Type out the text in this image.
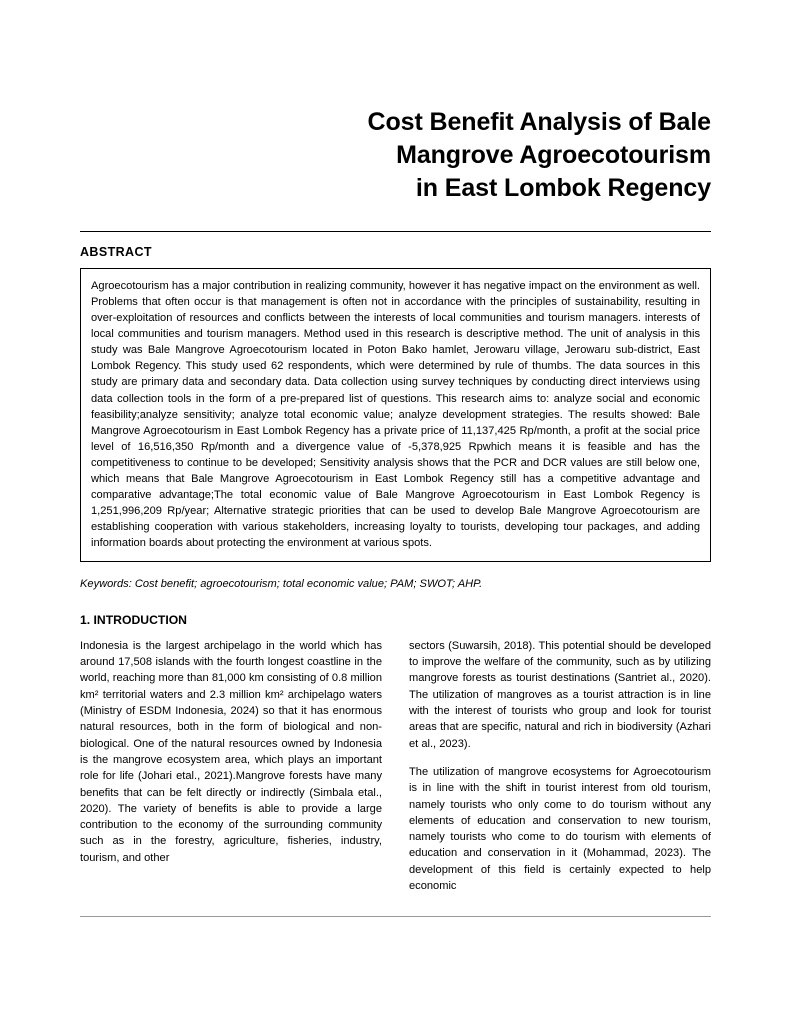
Cost Benefit Analysis of Bale
Mangrove Agroecotourism
in East Lombok Regency
ABSTRACT

Agroecotourism has a major contribution in realizing community, however it has negative impact on the environment as well. Problems that often occur is that management is often not in accordance with the principles of sustainability, resulting in over-exploitation of resources and conflicts between the interests of local communities and tourism managers. interests of local communities and tourism managers. Method used in this research is descriptive method. The unit of analysis in this study was Bale Mangrove Agroecotourism located in Poton Bako hamlet, Jerowaru village, Jerowaru sub-district, East Lombok Regency. This study used 62 respondents, which were determined by rule of thumbs. The data sources in this study are primary data and secondary data. Data collection using survey techniques by conducting direct interviews using data collection tools in the form of a pre-prepared list of questions. This research aims to: analyze social and economic feasibility;analyze sensitivity; analyze total economic value; analyze development strategies. The results showed: Bale Mangrove Agroecotourism in East Lombok Regency has a private price of 11,137,425 Rp/month, a profit at the social price level of 16,516,350 Rp/month and a divergence value of -5,378,925 Rpwhich means it is feasible and has the competitiveness to continue to be developed; Sensitivity analysis shows that the PCR and DCR values are still below one, which means that Bale Mangrove Agroecotourism in East Lombok Regency still has a competitive advantage and comparative advantage;The total economic value of Bale Mangrove Agroecotourism in East Lombok Regency is 1,251,996,209 Rp/year; Alternative strategic priorities that can be used to develop Bale Mangrove Agroecotourism are establishing cooperation with various stakeholders, increasing loyalty to tourists, developing tour packages, and adding information boards about protecting the environment at various spots.

Keywords: Cost benefit; agroecotourism; total economic value; PAM; SWOT; AHP.

1. INTRODUCTION

Indonesia is the largest archipelago in the world which has around 17,508 islands with the fourth longest coastline in the world, reaching more than 81,000 km consisting of 0.8 million km² territorial waters and 2.3 million km² archipelago waters (Ministry of ESDM Indonesia, 2024) so that it has enormous natural resources, both in the form of biological and non-biological. One of the natural resources owned by Indonesia is the mangrove ecosystem area, which plays an important role for life (Johari etal., 2021).Mangrove forests have many benefits that can be felt directly or indirectly (Simbala etal., 2020). The variety of benefits is able to provide a large contribution to the economy of the surrounding community such as in the forestry, agriculture, fisheries, industry, tourism, and other

sectors (Suwarsih, 2018). This potential should be developed to improve the welfare of the community, such as by utilizing mangrove forests as tourist destinations (Santriet al., 2020). The utilization of mangroves as a tourist attraction is in line with the interest of tourists who group and look for tourist areas that are specific, natural and rich in biodiversity (Azhari et al., 2023).

The utilization of mangrove ecosystems for Agroecotourism is in line with the shift in tourist interest from old tourism, namely tourists who only come to do tourism without any elements of education and conservation to new tourism, namely tourists who come to do tourism with elements of education and conservation in it (Mohammad, 2023). The development of this field is certainly expected to help economic
